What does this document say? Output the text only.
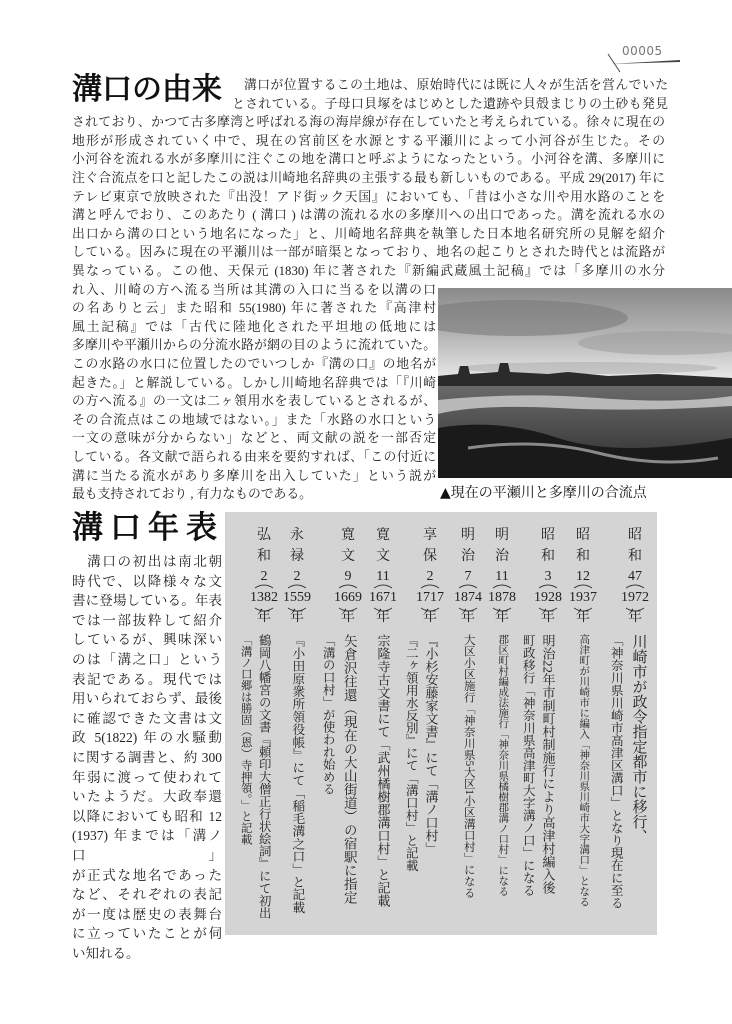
00005
溝口の由来	溝口が位置するこの土地は、原始時代には既に人々が生活を営んでいた
とされている。子母口貝塚をはじめとした遺跡や貝殻まじりの土砂も発見
されており、かつて古多摩湾と呼ばれる海の海岸線が存在していたと考えられている。徐々に現在の
地形が形成されていく中で、現在の宮前区を水源とする平瀬川によって小河谷が生じた。その
小河谷を流れる水が多摩川に注ぐこの地を溝口と呼ぶようになったという。小河谷を溝、多摩川に
注ぐ合流点を口と記したこの説は川崎地名辞典の主張する最も新しいものである。平成 29(2017) 年に
テレビ東京で放映された『出没！アド街ック天国』においても、「昔は小さな川や用水路のことを
溝と呼んでおり、このあたり ( 溝口 ) は溝の流れる水の多摩川への出口であった。溝を流れる水の
出口から溝の口という地名になった」と、川崎地名辞典を執筆した日本地名研究所の見解を紹介
している。因みに現在の平瀬川は一部が暗渠となっており、地名の起こりとされた時代とは流路が
異なっている。この他、天保元 (1830) 年に著された『新編武蔵風土記稿』では「多摩川の水分
れ入、川崎の方へ流る当所は其溝の入口に当るを以溝の口
の名ありと云」また昭和 55(1980) 年に著された『高津村
風土記稿』では「古代に陸地化された平坦地の低地には
多摩川や平瀬川からの分流水路が網の目のように流れていた。
この水路の水口に位置したのでいつしか『溝の口』の地名が
起きた。」と解説している。しかし川崎地名辞典では「『川崎
の方へ流る』の一文は二ヶ領用水を表しているとされるが、
その合流点はこの地域ではない。」また「水路の水口という
一文の意味が分からない」などと、両文献の説を一部否定
している。各文献で語られる由来を要約すれば、「この付近に
溝に当たる流水があり多摩川を出入していた」という説が
最も支持されており , 有力なものである。	▲現在の平瀬川と多摩川の合流点
溝口年表
　溝口の初出は南北朝
時代で、以降様々な文
書に登場している。年表
では一部抜粋して紹介
しているが、興味深い
のは「溝之口」という
表記である。現代では
用いられておらず、最後
に確認できた文書は文
政 5(1822) 年の水騒動
に関する調書と、約 300
年弱に渡って使われて
いたようだ。大政奉還
以降においても昭和 12
(1937) 年までは「溝ノ口」
が正式な地名であった
など、それぞれの表記
が一度は歴史の表舞台
に立っていたことが伺
い知れる。
昭
和
47
1972
年
川崎市が政令指定都市に移行、
「神奈川県川崎市高津区溝口」となり現在に至る
昭
和
12
1937
年
高津町が川崎市に編入「神奈川県川崎市大字溝口」となる
昭
和
3
1928
年
明治22年市制町村制施行により高津村編入後
町政移行「神奈川県高津町大字溝ノ口」になる
明
治
11
1878
年
郡区町村編成法施行「神奈川県橘樹郡溝ノ口村」になる
明
治
7
1874
年
大区小区施行「神奈川県5大区1小区溝口村」になる
享
保
2
1717
年
『小杉安藤家文書』にて「溝ノ口村」
『二ヶ領用水反別』にて「溝口村」と記載
寛
文
11
1671
年
宗隆寺古文書にて「武州橘樹郡溝口村」と記載
寛
文
9
1669
年
矢倉沢往還（現在の大山街道）の宿駅に指定
「溝の口村」が使われ始める
永
禄
2
1559
年
『小田原衆所領役帳』にて「稲毛溝之口」と記載
弘
和
2
1382
年
鶴岡八幡宮の文書『頼印大僧正行状絵詞』にて初出
「溝ノ口郷は勝固（恩）寺押領。」と記載
